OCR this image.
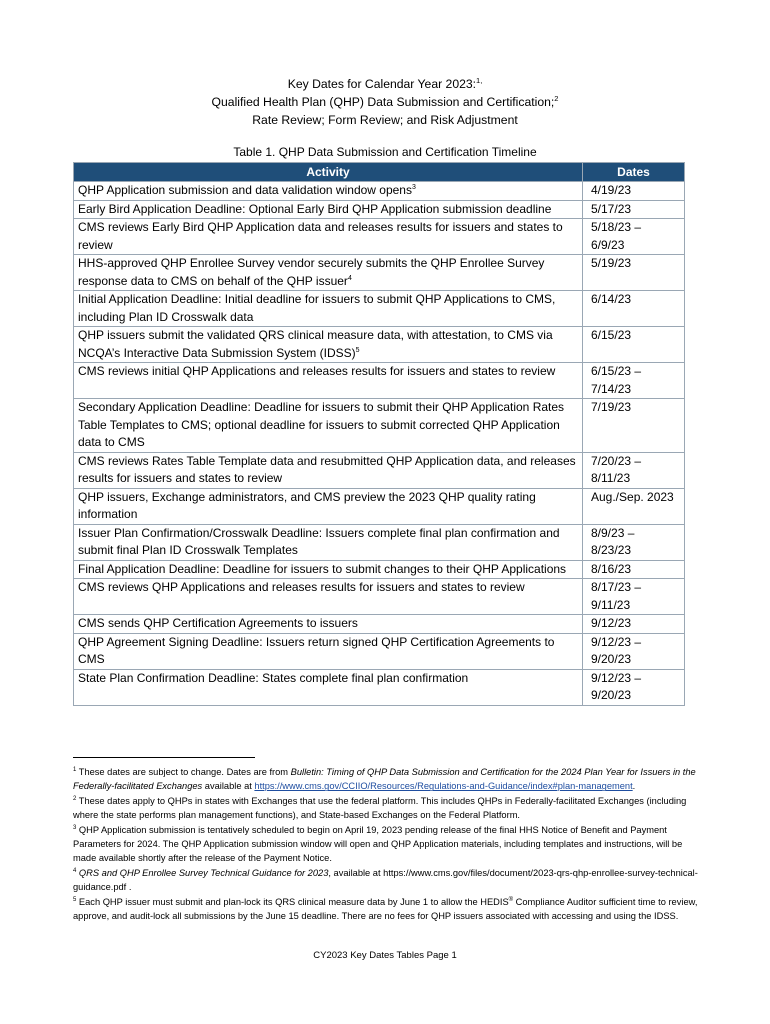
Key Dates for Calendar Year 2023:$^{1,}$
Qualified Health Plan (QHP) Data Submission and Certification;$^2$
Rate Review; Form Review; and Risk Adjustment
Table 1. QHP Data Submission and Certification Timeline
Activity	Dates
QHP Application submission and data validation window opens$^3$	4/19/23

Early Bird Application Deadline: Optional Early Bird QHP Application submission deadline	5/17/23

CMS reviews Early Bird QHP Application data and releases results for issuers and states to review	5/18/23 –
6/9/23

HHS-approved QHP Enrollee Survey vendor securely submits the QHP Enrollee Survey response data to CMS on behalf of the QHP issuer$^4$	5/19/23

Initial Application Deadline: Initial deadline for issuers to submit QHP Applications to CMS, including Plan ID Crosswalk data	6/14/23

QHP issuers submit the validated QRS clinical measure data, with attestation, to CMS via NCQA’s Interactive Data Submission System (IDSS)$^5$	6/15/23

CMS reviews initial QHP Applications and releases results for issuers and states to review	6/15/23 –
7/14/23

Secondary Application Deadline: Deadline for issuers to submit their QHP Application Rates Table Templates to CMS; optional deadline for issuers to submit corrected QHP Application data to CMS	7/19/23

CMS reviews Rates Table Template data and resubmitted QHP Application data, and releases results for issuers and states to review	7/20/23 –
8/11/23

QHP issuers, Exchange administrators, and CMS preview the 2023 QHP quality rating information	Aug./Sep. 2023

Issuer Plan Confirmation/Crosswalk Deadline: Issuers complete final plan confirmation and submit final Plan ID Crosswalk Templates	8/9/23 –
8/23/23

Final Application Deadline: Deadline for issuers to submit changes to their QHP Applications	8/16/23

CMS reviews QHP Applications and releases results for issuers and states to review	8/17/23 –
9/11/23

CMS sends QHP Certification Agreements to issuers	9/12/23

QHP Agreement Signing Deadline: Issuers return signed QHP Certification Agreements to CMS	9/12/23 –
9/20/23

State Plan Confirmation Deadline: States complete final plan confirmation	9/12/23 –
9/20/23

$^1$ These dates are subject to change. Dates are from Bulletin: Timing of QHP Data Submission and Certification for the 2024 Plan Year for Issuers in the Federally-facilitated Exchanges available at https://www.cms.gov/CCIIO/Resources/Regulations-and-Guidance/index#plan-management.

$^2$ These dates apply to QHPs in states with Exchanges that use the federal platform. This includes QHPs in Federally-facilitated Exchanges (including where the state performs plan management functions), and State-based Exchanges on the Federal Platform.

$^3$ QHP Application submission is tentatively scheduled to begin on April 19, 2023 pending release of the final HHS Notice of Benefit and Payment Parameters for 2024. The QHP Application submission window will open and QHP Application materials, including templates and instructions, will be made available shortly after the release of the Payment Notice.

$^4$ QRS and QHP Enrollee Survey Technical Guidance for 2023, available at https://www.cms.gov/files/document/2023-qrs-qhp-enrollee-survey-technical-guidance.pdf .

$^5$ Each QHP issuer must submit and plan-lock its QRS clinical measure data by June 1 to allow the HEDIS® Compliance Auditor sufficient time to review, approve, and audit-lock all submissions by the June 15 deadline. There are no fees for QHP issuers associated with accessing and using the IDSS.

CY2023 Key Dates Tables Page 1
